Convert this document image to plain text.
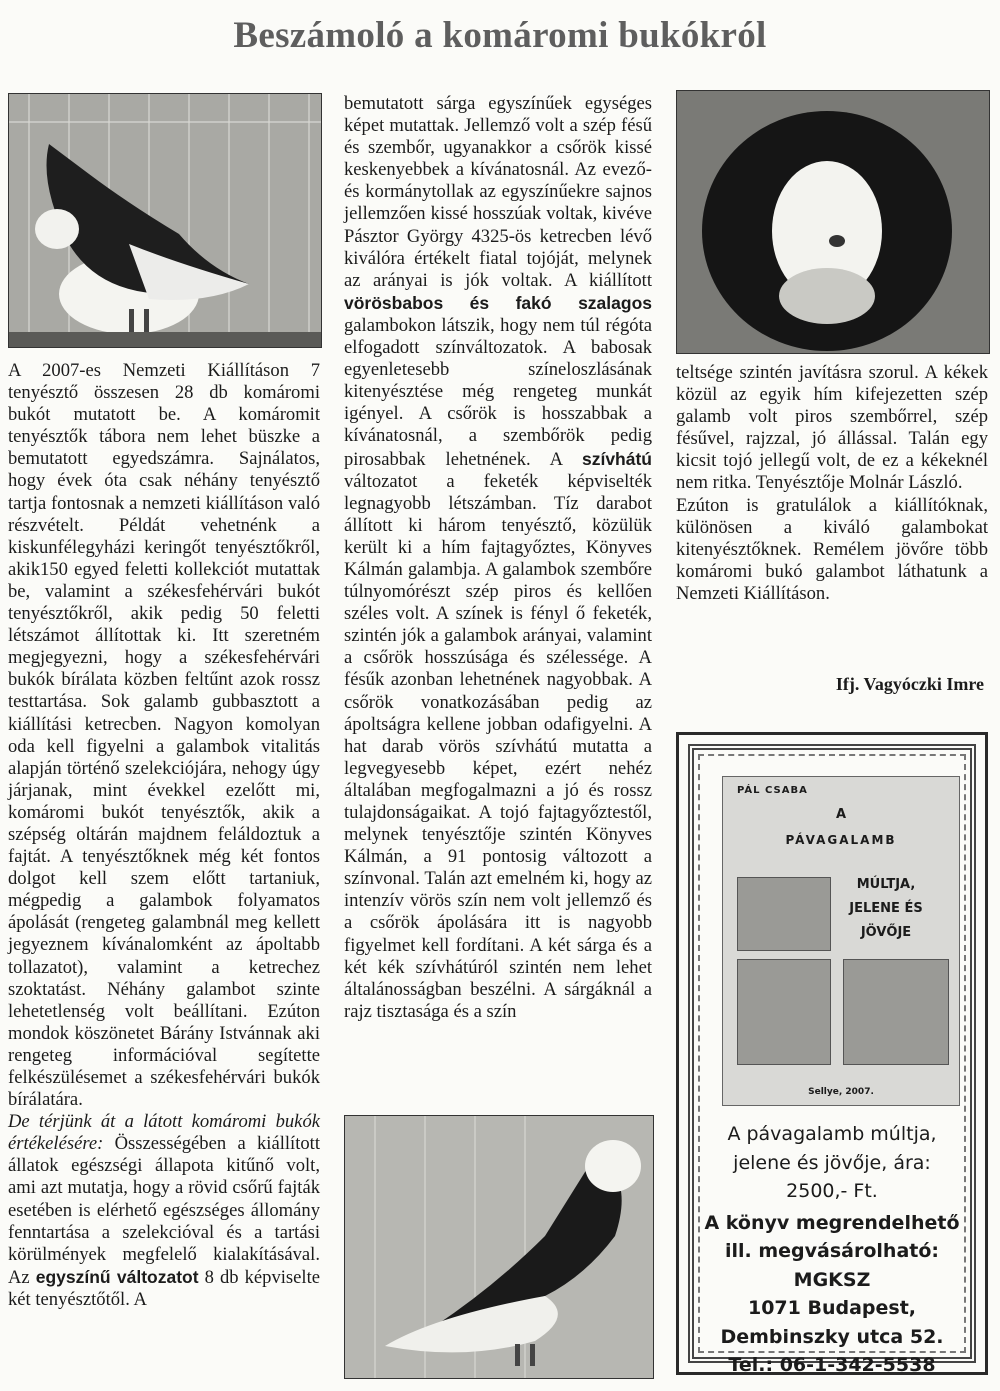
Beszámoló a komáromi bukókról

A 2007-es Nemzeti Kiállításon 7 tenyésztő összesen 28 db komáromi bukót mutatott be. A komáromit tenyésztők tábora nem lehet büszke a bemutatott egyedszámra. Sajnálatos, hogy évek óta csak néhány tenyésztő tartja fontosnak a nemzeti kiállításon való részvételt. Példát vehetnénk a kiskunfélegyházi keringőt tenyésztőkről, akik150 egyed feletti kollekciót mutattak be, valamint a székesfehérvári bukót tenyésztőkről, akik pedig 50 feletti létszámot állítottak ki. Itt szeretném megjegyezni, hogy a székesfehérvári bukók bírálata közben feltűnt azok rossz testtartása. Sok galamb gubbasztott a kiállítási ketrecben. Nagyon komolyan oda kell figyelni a galambok vitalitás alapján történő szelekciójára, nehogy úgy járjanak, mint évekkel ezelőtt mi, komáromi bukót tenyésztők, akik a szépség oltárán majdnem feláldoztuk a fajtát. A tenyésztőknek még két fontos dolgot kell szem előtt tartaniuk, mégpedig a galambok folyamatos ápolását (rengeteg galambnál meg kellett jegyeznem kívánalomként az ápoltabb tollazatot), valamint a ketrechez szoktatást. Néhány galambot szinte lehetetlenség volt beállítani. Ezúton mondok köszönetet Bárány Istvánnak aki rengeteg információval segítette felkészülésemet a székesfehérvári bukók bírálatára.

De térjünk át a látott komáromi bukók értékelésére: Összességében a kiállított állatok egészségi állapota kitűnő volt, ami azt mutatja, hogy a rövid csőrű fajták esetében is elérhető egészséges állomány fenntartása a szelekcióval és a tartási körülmények megfelelő kialakításával. Az egyszínű változatot 8 db képviselte két tenyésztőtől. A

bemutatott sárga egyszínűek egységes képet mutattak. Jellemző volt a szép fésű és szembőr, ugyanakkor a csőrök kissé keskenyebbek a kívánatosnál. Az evező- és kormánytollak az egyszínűekre sajnos jellemzően kissé hosszúak voltak, kivéve Pásztor György 4325-ös ketrecben lévő kiválóra értékelt fiatal tojóját, melynek az arányai is jók voltak. A kiállított vörösbabos és fakó szalagos galambokon látszik, hogy nem túl régóta elfogadott színváltozatok. A babosak egyenletesebb színeloszlásának kitenyésztése még rengeteg munkát igényel. A csőrök is hosszabbak a kívánatosnál, a szembőrök pedig pirosabbak lehetnének. A szívhátú változatot a feketék képviselték legnagyobb létszámban. Tíz darabot állított ki három tenyésztő, közülük került ki a hím fajtagyőztes, Könyves Kálmán galambja. A galambok szembőre túlnyomórészt szép piros és kellően széles volt. A színek is fényl ő feketék, szintén jók a galambok arányai, valamint a csőrök hosszúsága és szélessége. A fésűk azonban lehetnének nagyobbak. A csőrök vonatkozásában pedig az ápoltságra kellene jobban odafigyelni. A hat darab vörös szívhátú mutatta a legvegyesebb képet, ezért nehéz általában megfogalmazni a jó és rossz tulajdonságaikat. A tojó fajtagyőztestől, melynek tenyésztője szintén Könyves Kálmán, a 91 pontosig változott a színvonal. Talán azt emelném ki, hogy az intenzív vörös szín nem volt jellemző és a csőrök ápolására itt is nagyobb figyelmet kell fordítani. A két sárga és a két kék szívhátúról szintén nem lehet általánosságban beszélni. A sárgáknál a rajz tisztasága és a szín

teltsége szintén javításra szorul. A kékek közül az egyik hím kifejezetten szép galamb volt piros szembőrrel, szép fésűvel, rajzzal, jó állással. Talán egy kicsit tojó jellegű volt, de ez a kékeknél nem ritka. Tenyésztője Molnár László.

Ezúton is gratulálok a kiállítóknak, különösen a kiváló galambokat kitenyésztőknek. Remélem jövőre több komáromi bukó galambot láthatunk a Nemzeti Kiállításon.

Ifj. Vagyóczki Imre
PÁL CSABA
A
PÁVAGALAMB
MÚLTJA,
JELENE ÉS
JÖVŐJE
Sellye, 2007.
A pávagalamb múltja,
jelene és jövője, ára:
2500,- Ft.
A könyv megrendelhető
ill. megvásárolható:
MGKSZ
1071 Budapest,
Dembinszky utca 52.
Tel.: 06-1-342-5538
